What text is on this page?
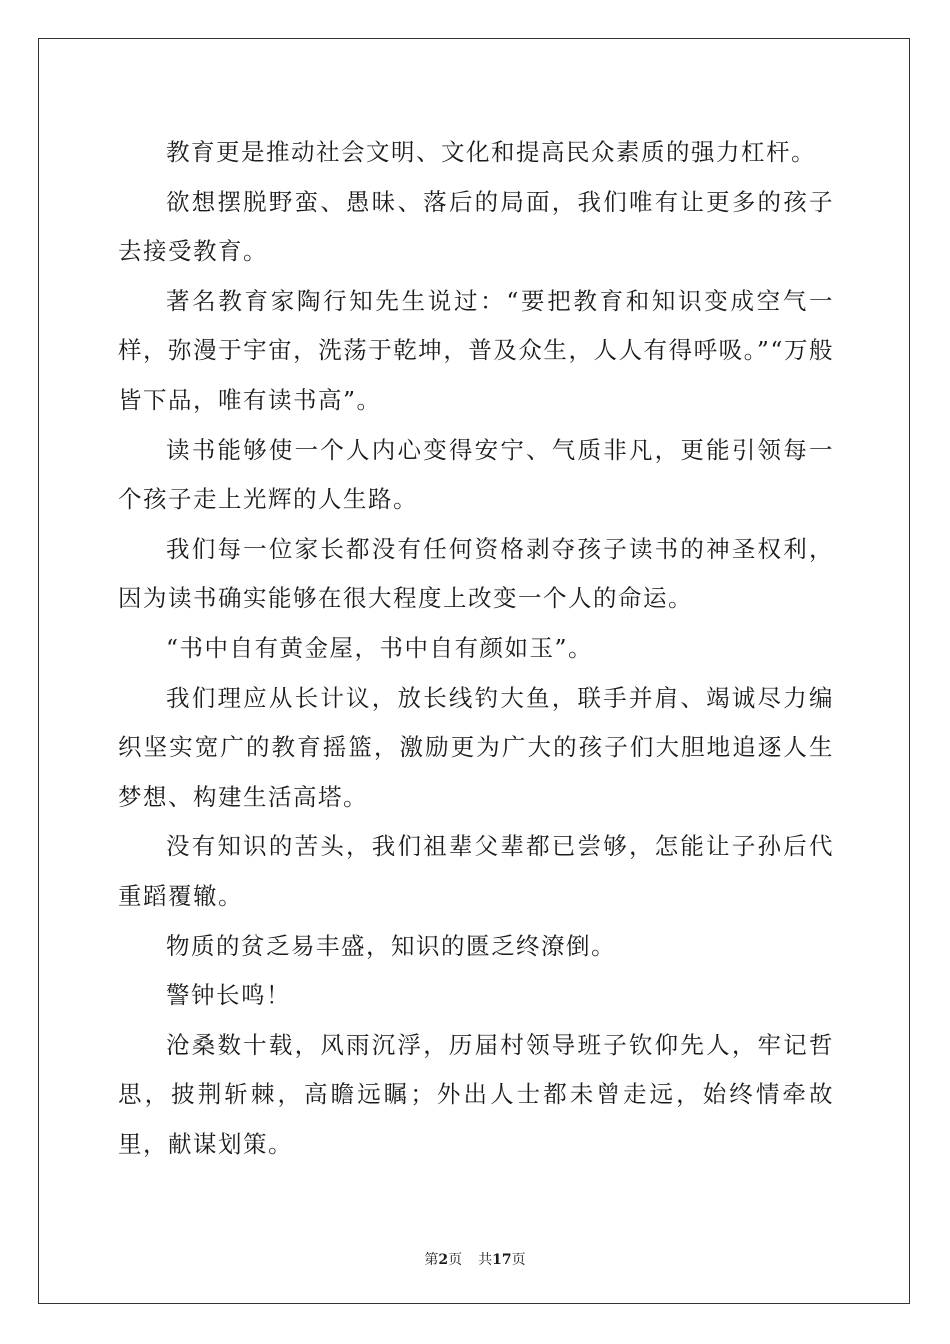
教育更是推动社会文明、文化和提高民众素质的强力杠杆。

欲想摆脱野蛮、愚昧、落后的局面，我们唯有让更多的孩子去接受教育。

著名教育家陶行知先生说过：“要把教育和知识变成空气一样，弥漫于宇宙，洗荡于乾坤，普及众生，人人有得呼吸。”“万般皆下品，唯有读书高”。

读书能够使一个人内心变得安宁、气质非凡，更能引领每一个孩子走上光辉的人生路。

我们每一位家长都没有任何资格剥夺孩子读书的神圣权利，因为读书确实能够在很大程度上改变一个人的命运。

“书中自有黄金屋，书中自有颜如玉”。

我们理应从长计议，放长线钓大鱼，联手并肩、竭诚尽力编织坚实宽广的教育摇篮，激励更为广大的孩子们大胆地追逐人生梦想、构建生活高塔。

没有知识的苦头，我们祖辈父辈都已尝够，怎能让子孙后代重蹈覆辙。

物质的贫乏易丰盛，知识的匮乏终潦倒。

警钟长鸣！

沧桑数十载，风雨沉浮，历届村领导班子钦仰先人，牢记哲思，披荆斩棘，高瞻远瞩；外出人士都未曾走远，始终情牵故里，献谋划策。

第2页 共17页
